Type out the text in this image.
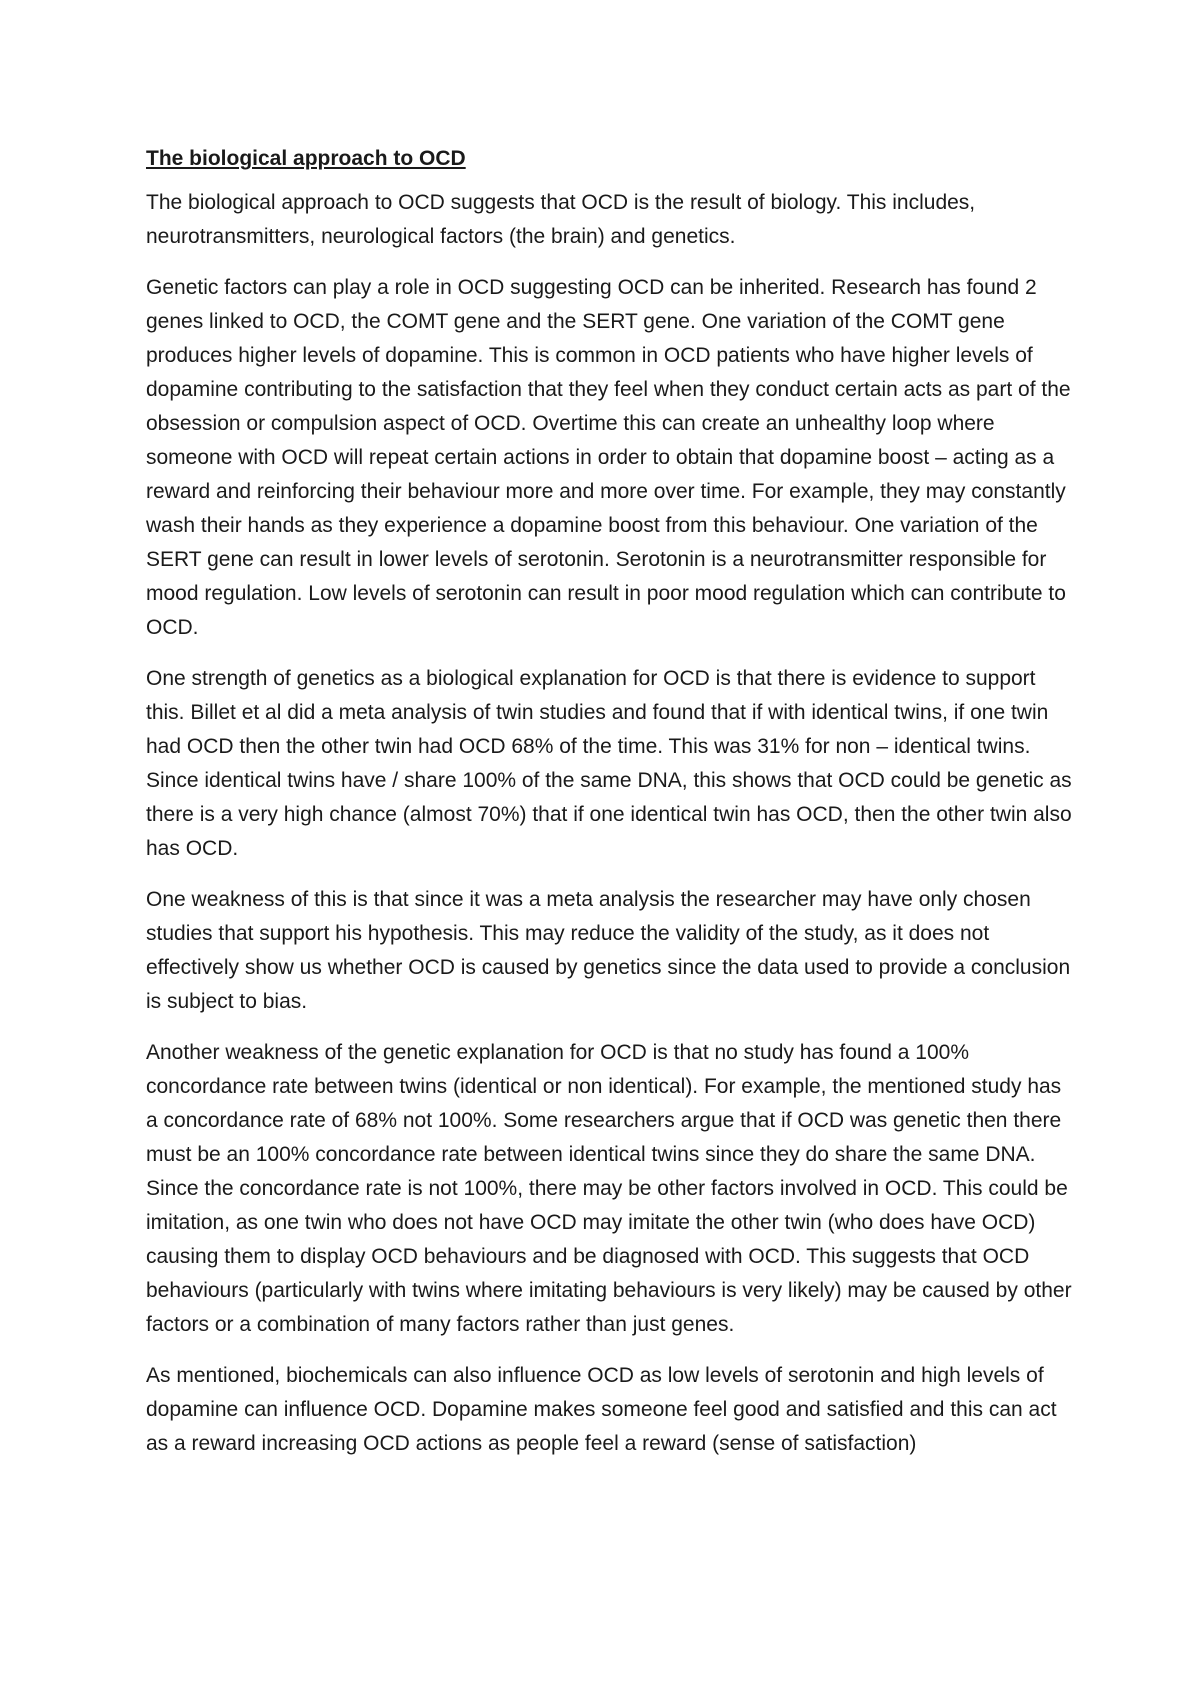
The biological approach to OCD

The biological approach to OCD suggests that OCD is the result of biology. This includes, neurotransmitters, neurological factors (the brain) and genetics.

Genetic factors can play a role in OCD suggesting OCD can be inherited. Research has found 2 genes linked to OCD, the COMT gene and the SERT gene. One variation of the COMT gene produces higher levels of dopamine. This is common in OCD patients who have higher levels of dopamine contributing to the satisfaction that they feel when they conduct certain acts as part of the obsession or compulsion aspect of OCD. Overtime this can create an unhealthy loop where someone with OCD will repeat certain actions in order to obtain that dopamine boost – acting as a reward and reinforcing their behaviour more and more over time. For example, they may constantly wash their hands as they experience a dopamine boost from this behaviour. One variation of the SERT gene can result in lower levels of serotonin. Serotonin is a neurotransmitter responsible for mood regulation. Low levels of serotonin can result in poor mood regulation which can contribute to OCD.

One strength of genetics as a biological explanation for OCD is that there is evidence to support this. Billet et al did a meta analysis of twin studies and found that if with identical twins, if one twin had OCD then the other twin had OCD 68% of the time. This was 31% for non – identical twins. Since identical twins have / share 100% of the same DNA, this shows that OCD could be genetic as there is a very high chance (almost 70%) that if one identical twin has OCD, then the other twin also has OCD.

One weakness of this is that since it was a meta analysis the researcher may have only chosen studies that support his hypothesis. This may reduce the validity of the study, as it does not effectively show us whether OCD is caused by genetics since the data used to provide a conclusion is subject to bias.

Another weakness of the genetic explanation for OCD is that no study has found a 100% concordance rate between twins (identical or non identical). For example, the mentioned study has a concordance rate of 68% not 100%. Some researchers argue that if OCD was genetic then there must be an 100% concordance rate between identical twins since they do share the same DNA. Since the concordance rate is not 100%, there may be other factors involved in OCD. This could be imitation, as one twin who does not have OCD may imitate the other twin (who does have OCD) causing them to display OCD behaviours and be diagnosed with OCD. This suggests that OCD behaviours (particularly with twins where imitating behaviours is very likely) may be caused by other factors or a combination of many factors rather than just genes.

As mentioned, biochemicals can also influence OCD as low levels of serotonin and high levels of dopamine can influence OCD. Dopamine makes someone feel good and satisfied and this can act as a reward increasing OCD actions as people feel a reward (sense of satisfaction)
